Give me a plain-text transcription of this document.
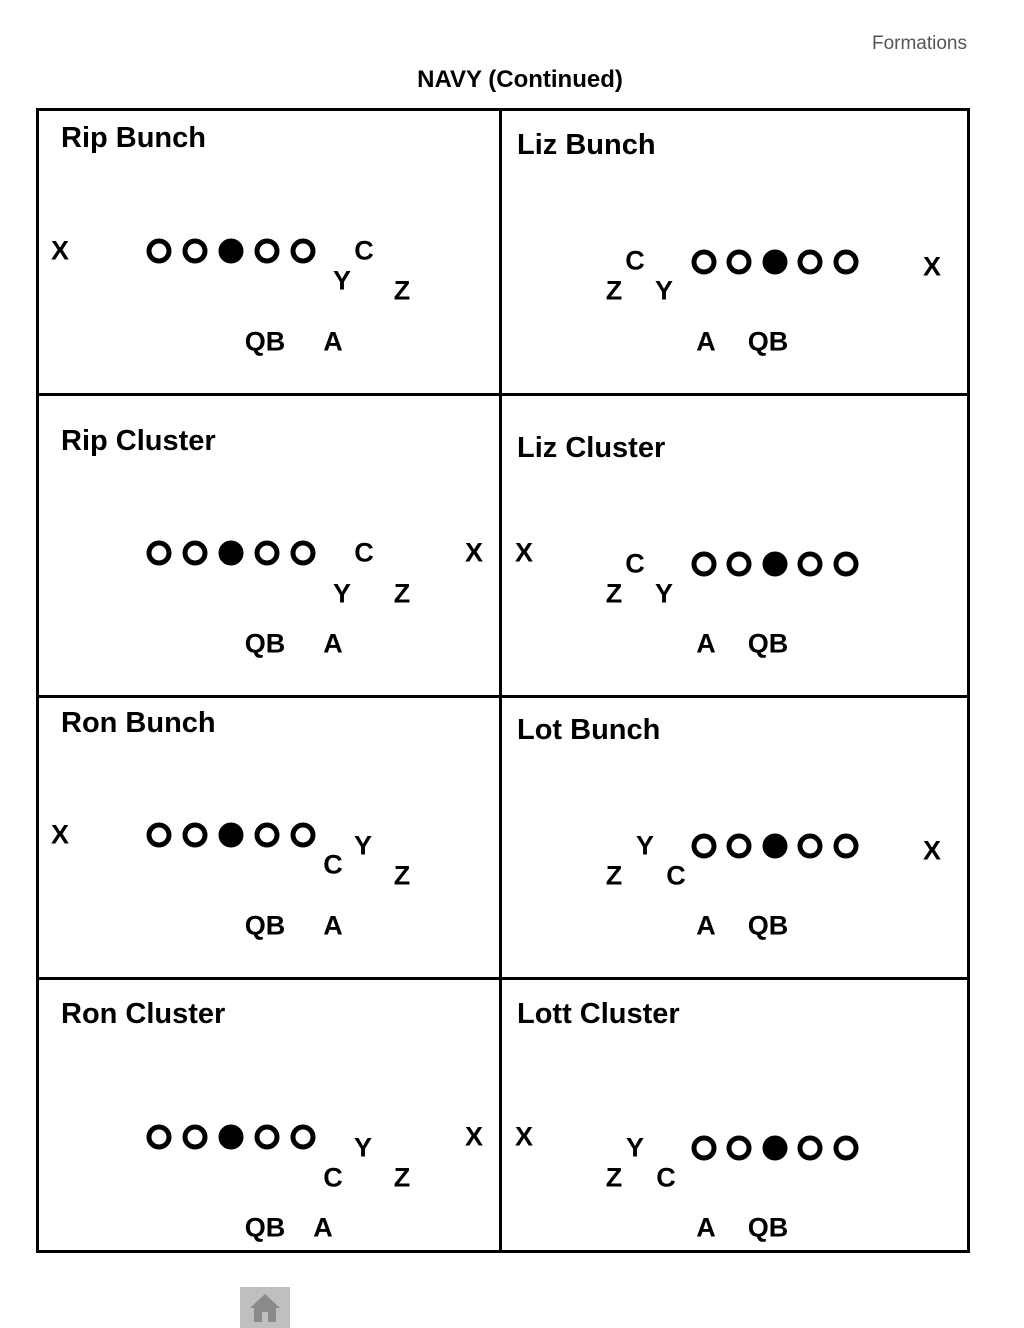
Formations
NAVY (Continued)
Rip Bunch
X	C
Y Z
QB A
Liz Bunch
C
Z Y
X
A QB
Rip Cluster
C	X
Y Z
QB A
Liz Cluster
X	C
Z Y
A QB
Ron Bunch
X	Y
C Z
QB A
Lot Bunch
Y
Z C
X
A QB
Ron Cluster
X
Y
C Z
QB A
Lott Cluster
X	Y
Z C
A QB
